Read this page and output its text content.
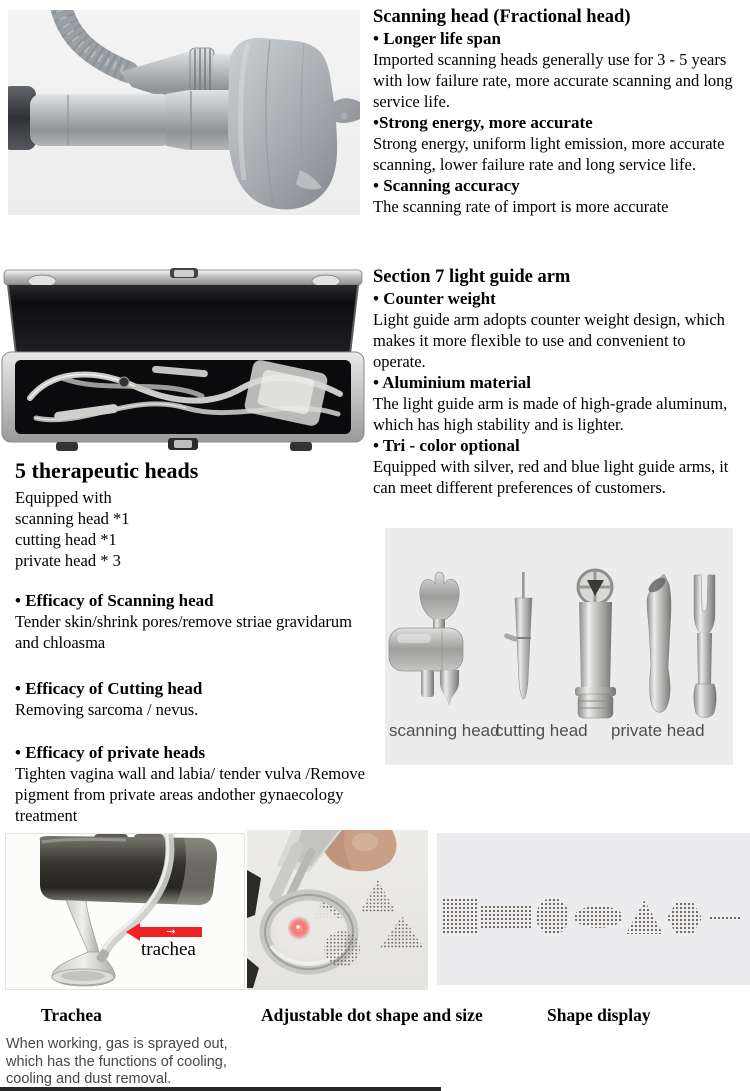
Scanning head (Fractional head)
• Longer life span
Imported scanning heads generally use for 3 - 5 years with low failure rate, more accurate scanning and long service life.
•Strong energy, more accurate
Strong energy, uniform light emission, more accurate scanning, lower failure rate and long service life.
• Scanning accuracy
The scanning rate of import is more accurate
Section 7 light guide arm
• Counter weight
Light guide arm adopts counter weight design, which makes it more flexible to use and convenient to operate.
• Aluminium material
The light guide arm is made of high-grade aluminum, which has high stability and is lighter.
• Tri - color optional
Equipped with silver, red and blue light guide arms, it can meet different preferences of customers.
5 therapeutic heads
Equipped with
scanning head *1
cutting head *1
private head * 3
• Efficacy of Scanning head
Tender skin/shrink pores/remove striae gravidarum and chloasma
• Efficacy of Cutting head
Removing sarcoma / nevus.
• Efficacy of private heads
Tighten vagina wall and labia/ tender vulva /Remove pigment from private areas andother gynaecology treatment
scanning head
cutting head private head
→
trachea
Trachea	Adjustable dot shape and size	Shape display
When working, gas is sprayed out,
which has the functions of cooling,
cooling and dust removal.
